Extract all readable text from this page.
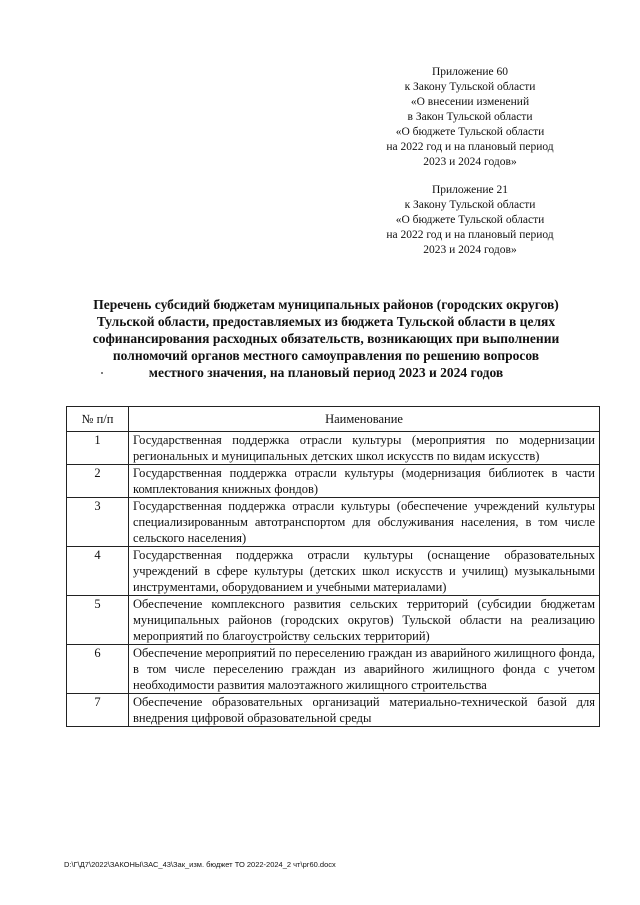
Приложение 60
к Закону Тульской области
«О внесении изменений
в Закон Тульской области
«О бюджете Тульской области
на 2022 год и на плановый период
2023 и 2024 годов»
Приложение 21
к Закону Тульской области
«О бюджете Тульской области
на 2022 год и на плановый период
2023 и 2024 годов»
Перечень субсидий бюджетам муниципальных районов (городских округов)
Тульской области, предоставляемых из бюджета Тульской области в целях
софинансирования расходных обязательств, возникающих при выполнении
полномочий органов местного самоуправления по решению вопросов
местного значения, на плановый период 2023 и 2024 годов
№ п/п	Наименование
1	Государственная поддержка отрасли культуры (мероприятия по модернизации региональных и муниципальных детских школ искусств по видам искусств)
2	Государственная поддержка отрасли культуры (модернизация библиотек в части комплектования книжных фондов)
3	Государственная поддержка отрасли культуры (обеспечение учреждений культуры специализированным автотранспортом для обслуживания населения, в том числе сельского населения)
4	Государственная поддержка отрасли культуры (оснащение образовательных учреждений в сфере культуры (детских школ искусств и училищ) музыкальными инструментами, оборудованием и учебными материалами)
5	Обеспечение комплексного развития сельских территорий (субсидии бюджетам муниципальных районов (городских округов) Тульской области на реализацию мероприятий по благоустройству сельских территорий)
6	Обеспечение мероприятий по переселению граждан из аварийного жилищного фонда, в том числе переселению граждан из аварийного жилищного фонда с учетом необходимости развития малоэтажного жилищного строительства
7	Обеспечение образовательных организаций материально-технической базой для внедрения цифровой образовательной среды
D:\Г\Д7\2022\ЗАКОНЫ\ЗАС_43\Зак_изм. бюджет ТО 2022-2024_2 чт\рг60.docx
